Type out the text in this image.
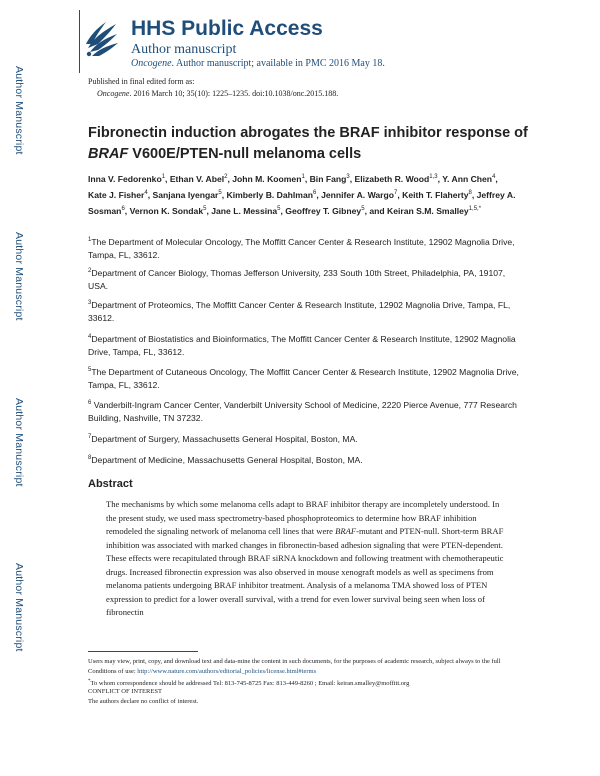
Author Manuscript
Author Manuscript
Author Manuscript
Author Manuscript
HHS Public Access
Author manuscript
Oncogene. Author manuscript; available in PMC 2016 May 18.
Published in final edited form as:
Oncogene. 2016 March 10; 35(10): 1225–1235. doi:10.1038/onc.2015.188.
Fibronectin induction abrogates the BRAF inhibitor response of
BRAF V600E/PTEN-null melanoma cells
Inna V. Fedorenko$^1$, Ethan V. Abel$^2$, John M. Koomen$^1$, Bin Fang$^3$, Elizabeth R. Wood$^{1,3}$, Y. Ann Chen$^4$, Kate J. Fisher$^4$, Sanjana Iyengar$^5$, Kimberly B. Dahlman$^6$, Jennifer A. Wargo$^7$, Keith T. Flaherty$^8$, Jeffrey A. Sosman$^6$, Vernon K. Sondak$^5$, Jane L. Messina$^5$, Geoffrey T. Gibney$^5$, and Keiran S.M. Smalley$^{1,5,*}$
$^1$The Department of Molecular Oncology, The Moffitt Cancer Center & Research Institute, 12902 Magnolia Drive, Tampa, FL, 33612.
$^2$Department of Cancer Biology, Thomas Jefferson University, 233 South 10th Street, Philadelphia, PA, 19107, USA.
$^3$Department of Proteomics, The Moffitt Cancer Center & Research Institute, 12902 Magnolia Drive, Tampa, FL, 33612.
$^4$Department of Biostatistics and Bioinformatics, The Moffitt Cancer Center & Research Institute, 12902 Magnolia Drive, Tampa, FL, 33612.
$^5$The Department of Cutaneous Oncology, The Moffitt Cancer Center & Research Institute, 12902 Magnolia Drive, Tampa, FL, 33612.
$^6$ Vanderbilt-Ingram Cancer Center, Vanderbilt University School of Medicine, 2220 Pierce Avenue, 777 Research Building, Nashville, TN 37232.
$^7$Department of Surgery, Massachusetts General Hospital, Boston, MA.
$^8$Department of Medicine, Massachusetts General Hospital, Boston, MA.
Abstract
The mechanisms by which some melanoma cells adapt to BRAF inhibitor therapy are incompletely understood. In the present study, we used mass spectrometry-based phosphoproteomics to determine how BRAF inhibition remodeled the signaling network of melanoma cell lines that were BRAF-mutant and PTEN-null. Short-term BRAF inhibition was associated with marked changes in fibronectin-based adhesion signaling that were PTEN-dependent. These effects were recapitulated through BRAF siRNA knockdown and following treatment with chemotherapeutic drugs. Increased fibronectin expression was also observed in mouse xenograft models as well as specimens from melanoma patients undergoing BRAF inhibitor treatment. Analysis of a melanoma TMA showed loss of PTEN expression to predict for a lower overall survival, with a trend for even lower survival being seen when loss of fibronectin
Users may view, print, copy, and download text and data-mine the content in such documents, for the purposes of academic research, subject always to the full Conditions of use: http://www.nature.com/authors/editorial_policies/license.html#terms
*To whom correspondence should be addressed Tel: 813-745-8725 Fax: 813-449-8260 ; Email: keiran.smalley@moffitt.org
CONFLICT OF INTEREST
The authors declare no conflict of interest.
